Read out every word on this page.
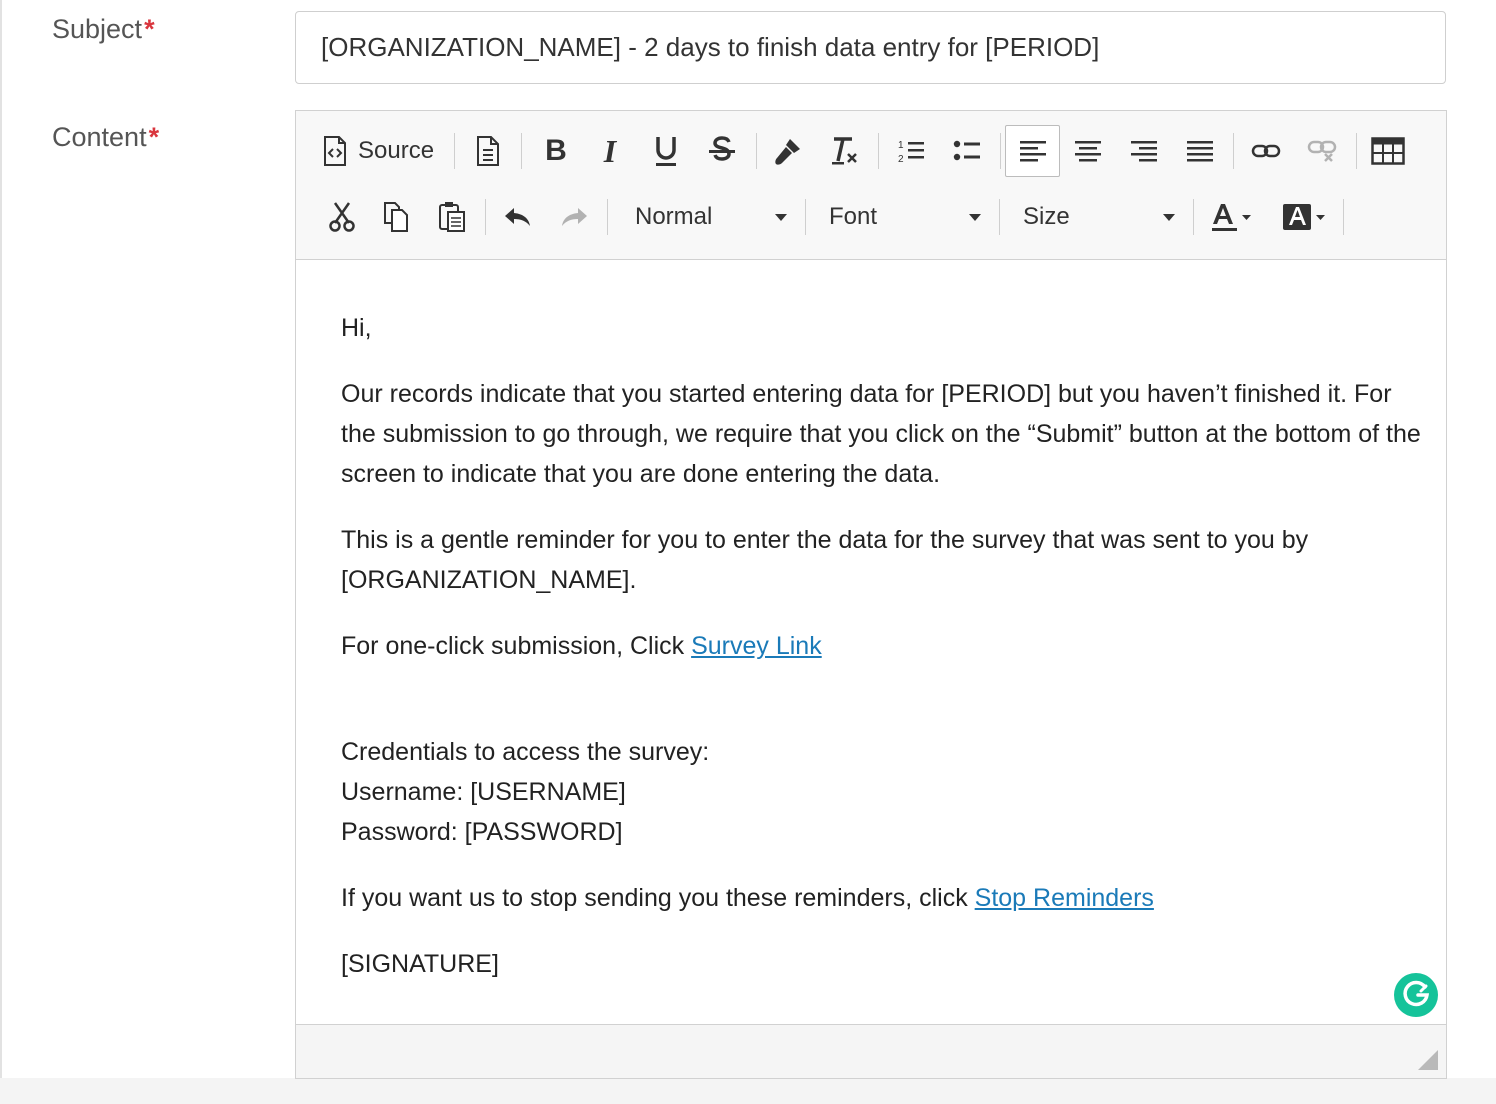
Subject*
[ORGANIZATION_NAME] - 2 days to finish data entry for [PERIOD]
Content*	Source	B I	1
2
Normal	Font	Size

Hi,

Our records indicate that you started entering data for [PERIOD] but you haven’t finished it. For the submission to go through, we require that you click on the “Submit” button at the bottom of the screen to indicate that you are done entering the data.

This is a gentle reminder for you to enter the data for the survey that was sent to you by [ORGANIZATION_NAME].

For one-click submission, Click Survey Link

Credentials to access the survey:
Username: [USERNAME]
Password: [PASSWORD]

If you want us to stop sending you these reminders, click Stop Reminders

[SIGNATURE]
